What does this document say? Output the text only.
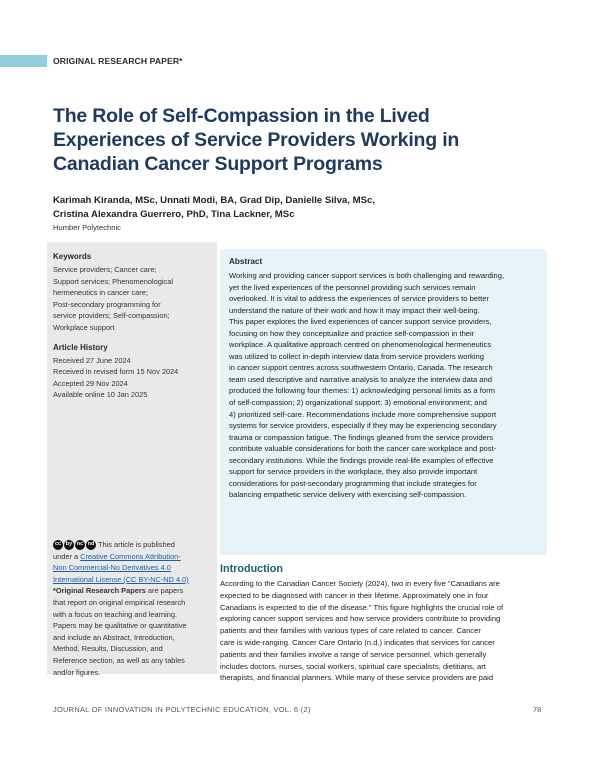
ORIGINAL RESEARCH PAPER*
The Role of Self-Compassion in the Lived
Experiences of Service Providers Working in
Canadian Cancer Support Programs
Karimah Kiranda, MSc, Unnati Modi, BA, Grad Dip, Danielle Silva, MSc,
Cristina Alexandra Guerrero, PhD, Tina Lackner, MSc
Humber Polytechnic
Keywords
Service providers; Cancer care;
Support services; Phenomenological
hermeneutics in cancer care;
Post-secondary programming for
service providers; Self-compassion;
Workplace support
Article History
Received 27 June 2024
Received in revised form 15 Nov 2024
Accepted 29 Nov 2024
Available online 10 Jan 2025
cc by nc nd This article is published
under a Creative Commons Attribution-
Non Commercial-No Derivatives 4.0
International License (CC BY-NC-ND 4.0)
*Original Research Papers are papers
that report on original empirical research
with a focus on teaching and learning.
Papers may be qualitative or quantitative
and include an Abstract, Introduction,
Method, Results, Discussion, and
Reference section, as well as any tables
and/or figures.
Abstract
Working and providing cancer support services is both challenging and rewarding,
yet the lived experiences of the personnel providing such services remain
overlooked. It is vital to address the experiences of service providers to better
understand the nature of their work and how it may impact their well-being.
This paper explores the lived experiences of cancer support service providers,
focusing on how they conceptualize and practice self-compassion in their
workplace. A qualitative approach centred on phenomenological hermeneutics
was utilized to collect in-depth interview data from service providers working
in cancer support centres across southwestern Ontario, Canada. The research
team used descriptive and narrative analysis to analyze the interview data and
produced the following four themes: 1) acknowledging personal limits as a form
of self-compassion; 2) organizational support; 3) emotional environment; and
4) prioritized self-care. Recommendations include more comprehensive support
systems for service providers, especially if they may be experiencing secondary
trauma or compassion fatigue. The findings gleaned from the service providers
contribute valuable considerations for both the cancer care workplace and post-
secondary institutions. While the findings provide real-life examples of effective
support for service providers in the workplace, they also provide important
considerations for post-secondary programming that include strategies for
balancing empathetic service delivery with exercising self-compassion.
Introduction
According to the Canadian Cancer Society (2024), two in every five “Canadians are
expected to be diagnosed with cancer in their lifetime. Approximately one in four
Canadians is expected to die of the disease.” This figure highlights the crucial role of
exploring cancer support services and how service providers contribute to providing
patients and their families with various types of care related to cancer. Cancer
care is wide-ranging. Cancer Care Ontario (n.d.) indicates that services for cancer
patients and their families involve a range of service personnel, which generally
includes doctors, nurses, social workers, spiritual care specialists, dietitians, art
therapists, and financial planners. While many of these service providers are paid
JOURNAL OF INNOVATION IN POLYTECHNIC EDUCATION, VOL. 6 (2)	78
